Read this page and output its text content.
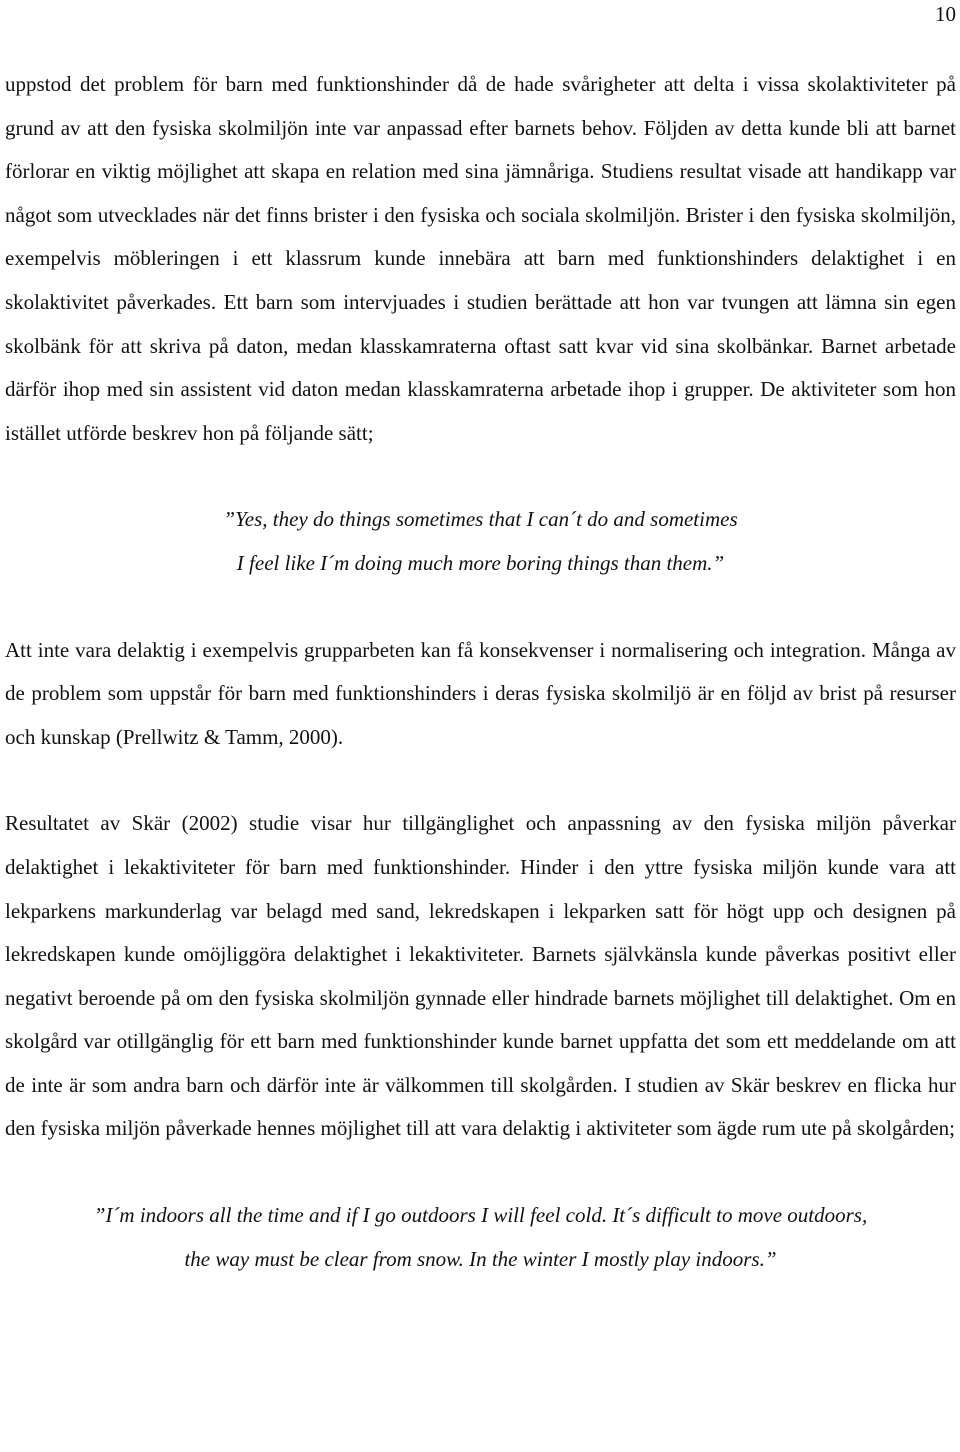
10

uppstod det problem för barn med funktionshinder då de hade svårigheter att delta i vissa skolaktiviteter på grund av att den fysiska skolmiljön inte var anpassad efter barnets behov. Följden av detta kunde bli att barnet förlorar en viktig möjlighet att skapa en relation med sina jämnåriga. Studiens resultat visade att handikapp var något som utvecklades när det finns brister i den fysiska och sociala skolmiljön. Brister i den fysiska skolmiljön, exempelvis möbleringen i ett klassrum kunde innebära att barn med funktionshinders delaktighet i en skolaktivitet påverkades. Ett barn som intervjuades i studien berättade att hon var tvungen att lämna sin egen skolbänk för att skriva på daton, medan klasskamraterna oftast satt kvar vid sina skolbänkar. Barnet arbetade därför ihop med sin assistent vid daton medan klasskamraterna arbetade ihop i grupper. De aktiviteter som hon istället utförde beskrev hon på följande sätt;

”Yes, they do things sometimes that I can´t do and sometimes
I feel like I´m doing much more boring things than them.”

Att inte vara delaktig i exempelvis grupparbeten kan få konsekvenser i normalisering och integration. Många av de problem som uppstår för barn med funktionshinders i deras fysiska skolmiljö är en följd av brist på resurser och kunskap (Prellwitz & Tamm, 2000).

Resultatet av Skär (2002) studie visar hur tillgänglighet och anpassning av den fysiska miljön påverkar delaktighet i lekaktiviteter för barn med funktionshinder. Hinder i den yttre fysiska miljön kunde vara att lekparkens markunderlag var belagd med sand, lekredskapen i lekparken satt för högt upp och designen på lekredskapen kunde omöjliggöra delaktighet i lekaktiviteter. Barnets självkänsla kunde påverkas positivt eller negativt beroende på om den fysiska skolmiljön gynnade eller hindrade barnets möjlighet till delaktighet. Om en skolgård var otillgänglig för ett barn med funktionshinder kunde barnet uppfatta det som ett meddelande om att de inte är som andra barn och därför inte är välkommen till skolgården. I studien av Skär beskrev en flicka hur den fysiska miljön påverkade hennes möjlighet till att vara delaktig i aktiviteter som ägde rum ute på skolgården;

”I´m indoors all the time and if I go outdoors I will feel cold. It´s difficult to move outdoors,
the way must be clear from snow. In the winter I mostly play indoors.”
